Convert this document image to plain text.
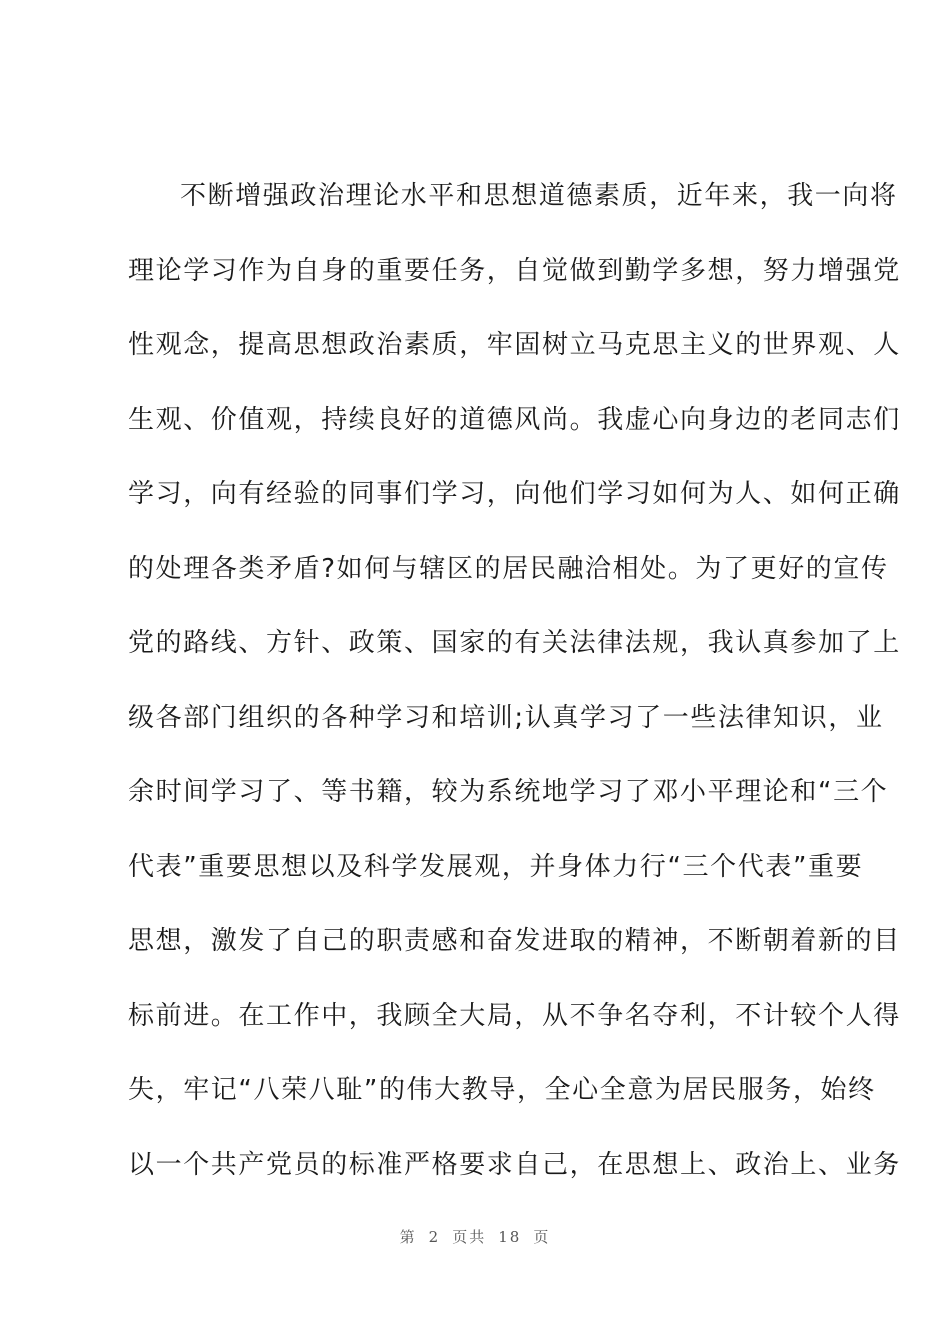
不断增强政治理论水平和思想道德素质，近年来，我一向将
理论学习作为自身的重要任务，自觉做到勤学多想，努力增强党
性观念，提高思想政治素质，牢固树立马克思主义的世界观、人
生观、价值观，持续良好的道德风尚。我虚心向身边的老同志们
学习，向有经验的同事们学习，向他们学习如何为人、如何正确
的处理各类矛盾?如何与辖区的居民融洽相处。为了更好的宣传
党的路线、方针、政策、国家的有关法律法规，我认真参加了上
级各部门组织的各种学习和培训;认真学习了一些法律知识，业
余时间学习了、等书籍，较为系统地学习了邓小平理论和“三个
代表”重要思想以及科学发展观，并身体力行“三个代表”重要
思想，激发了自己的职责感和奋发进取的精神，不断朝着新的目
标前进。在工作中，我顾全大局，从不争名夺利，不计较个人得
失，牢记“八荣八耻”的伟大教导，全心全意为居民服务，始终
以一个共产党员的标准严格要求自己，在思想上、政治上、业务
第 2 页共 18 页
